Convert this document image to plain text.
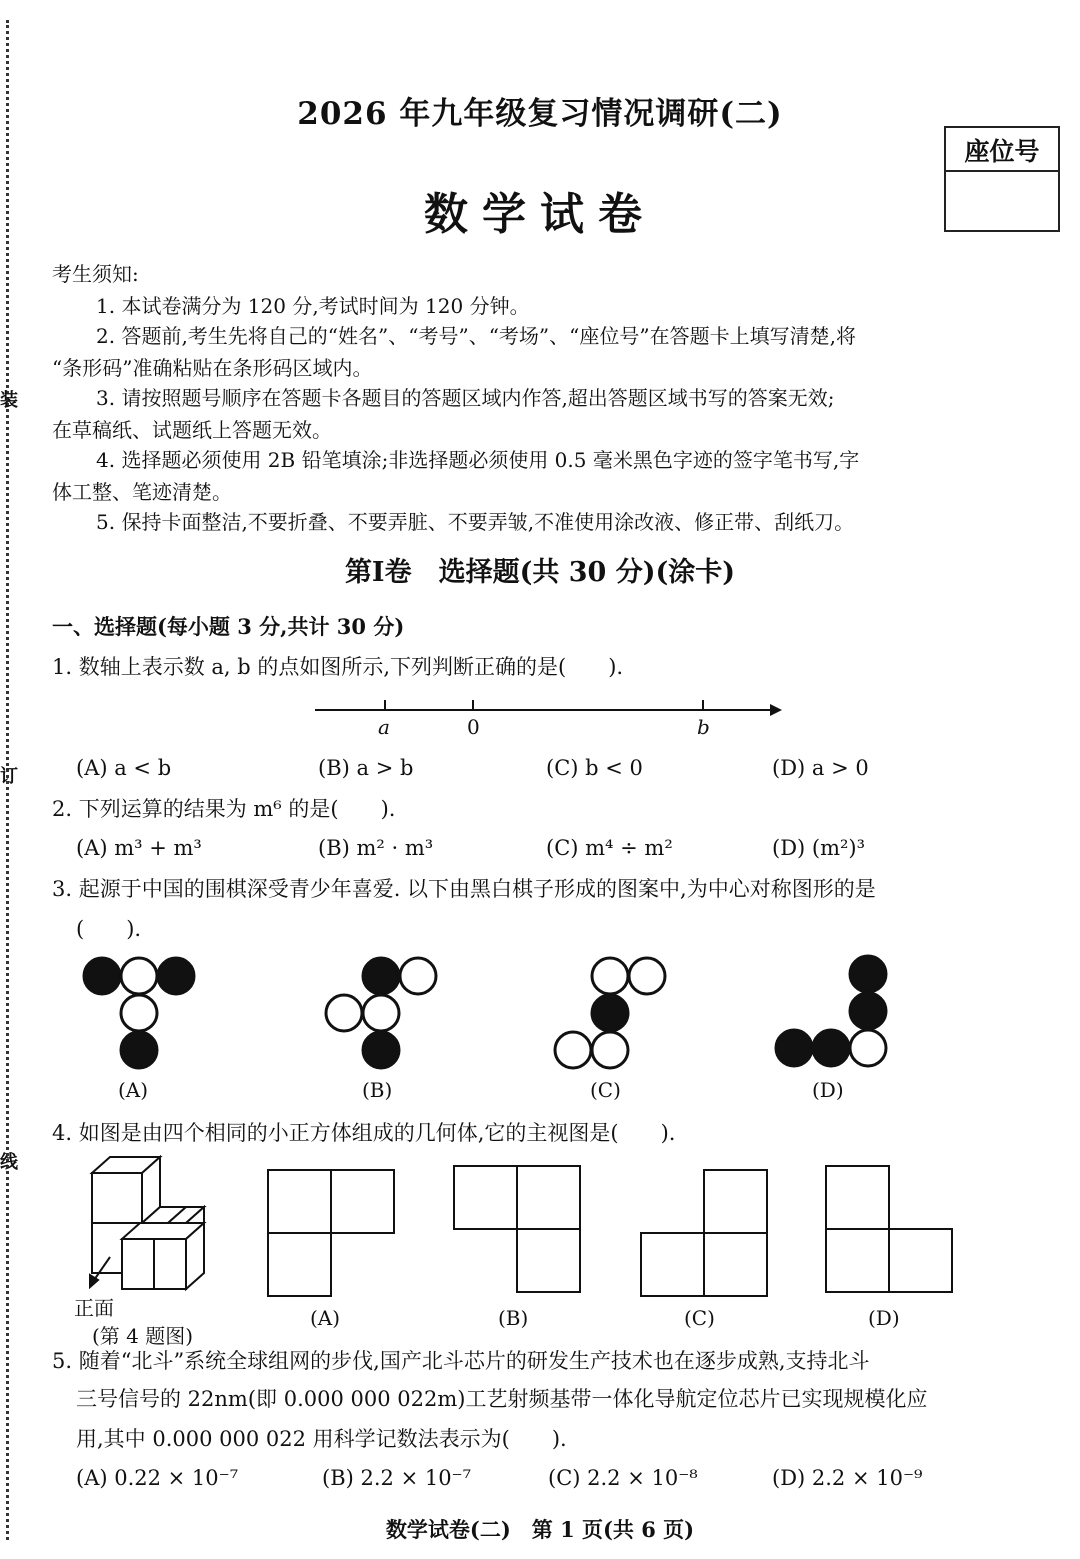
装
订
线
2026 年九年级复习情况调研(二)
数学试卷
座位号
考生须知:
1. 本试卷满分为 120 分,考试时间为 120 分钟。
2. 答题前,考生先将自己的“姓名”、“考号”、“考场”、“座位号”在答题卡上填写清楚,将
“条形码”准确粘贴在条形码区域内。
3. 请按照题号顺序在答题卡各题目的答题区域内作答,超出答题区域书写的答案无效;
在草稿纸、试题纸上答题无效。
4. 选择题必须使用 2B 铅笔填涂;非选择题必须使用 0.5 毫米黑色字迹的签字笔书写,字
体工整、笔迹清楚。
5. 保持卡面整洁,不要折叠、不要弄脏、不要弄皱,不准使用涂改液、修正带、刮纸刀。
第Ⅰ卷　选择题(共 30 分)(涂卡)
一、选择题(每小题 3 分,共计 30 分)
1. 数轴上表示数 a, b 的点如图所示,下列判断正确的是(　　).
a	0	b
(A) a < b	(B) a > b	(C) b < 0	(D) a > 0
2. 下列运算的结果为 m⁶ 的是(　　).
(A) m³ + m³	(B) m² · m³	(C) m⁴ ÷ m²	(D) (m²)³
3. 起源于中国的围棋深受青少年喜爱. 以下由黑白棋子形成的图案中,为中心对称图形的是
(　　).
(A)	(B)	(C)	(D)
4. 如图是由四个相同的小正方体组成的几何体,它的主视图是(　　).
正面
(第 4 题图)
(A)	(B)	(C)	(D)
5. 随着“北斗”系统全球组网的步伐,国产北斗芯片的研发生产技术也在逐步成熟,支持北斗
三号信号的 22nm(即 0.000 000 022m)工艺射频基带一体化导航定位芯片已实现规模化应
用,其中 0.000 000 022 用科学记数法表示为(　　).
(A) 0.22 × 10⁻⁷	(B) 2.2 × 10⁻⁷	(C) 2.2 × 10⁻⁸	(D) 2.2 × 10⁻⁹
数学试卷(二)　第 1 页(共 6 页)
